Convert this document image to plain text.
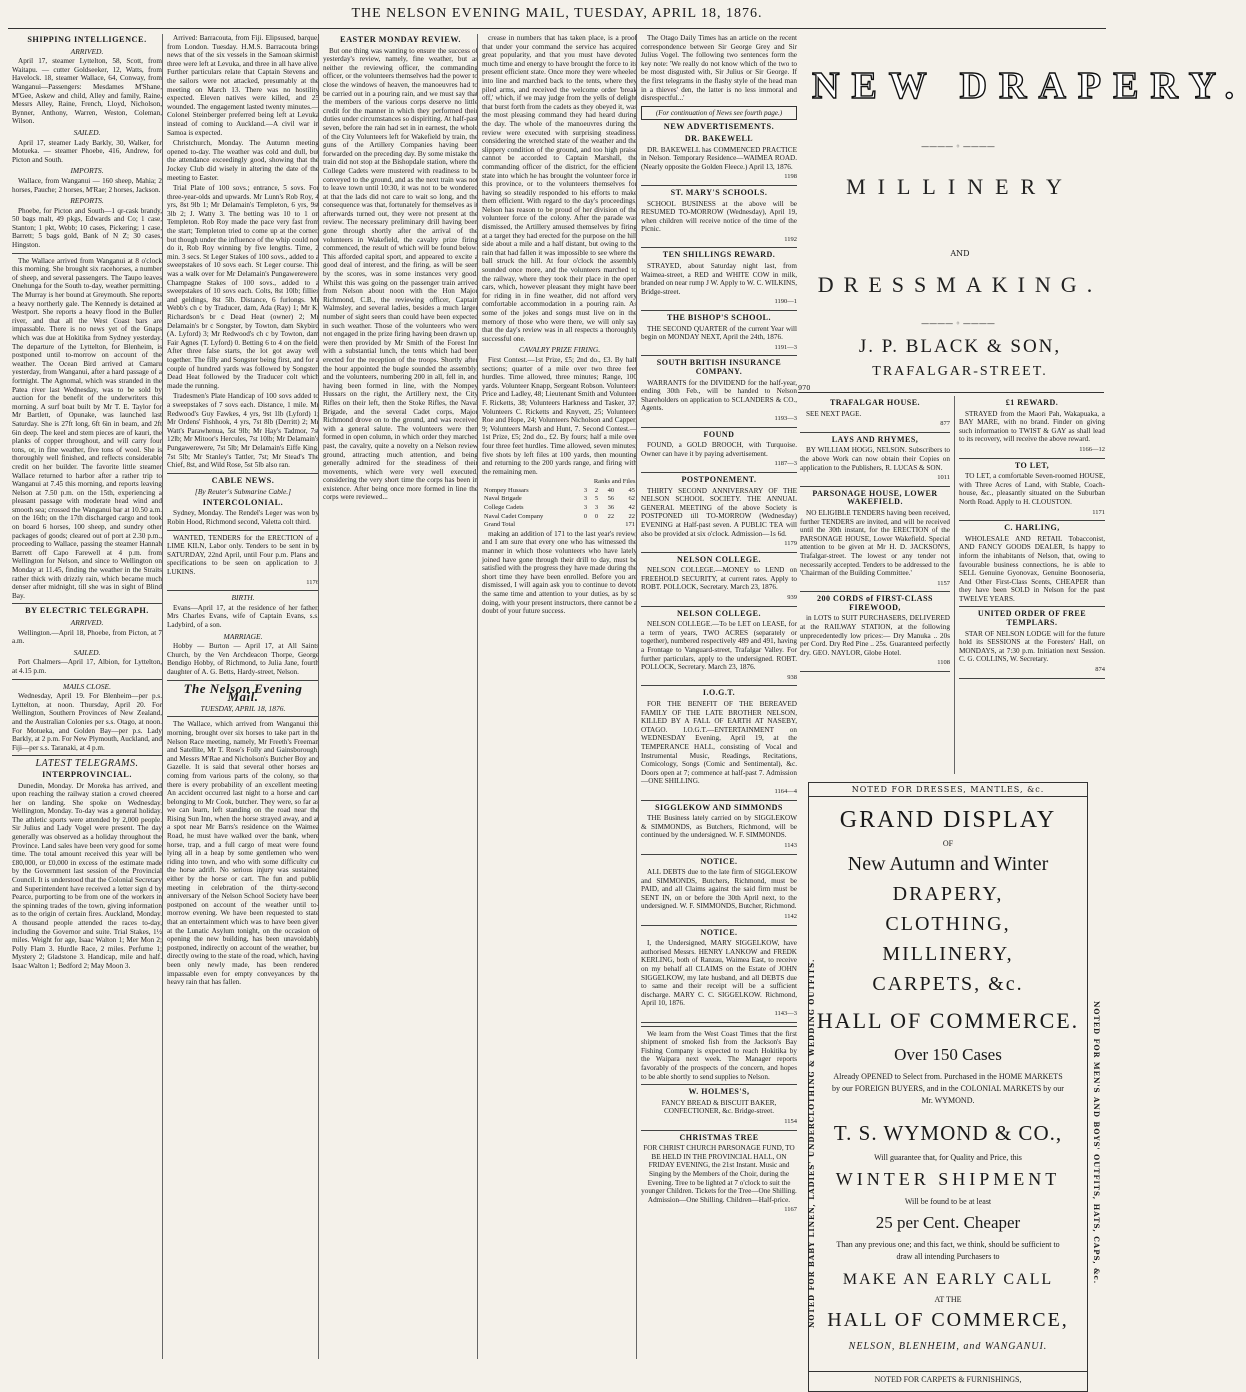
THE NELSON EVENING MAIL, TUESDAY, APRIL 18, 1876.
SHIPPING INTELLIGENCE.
ARRIVED.

April 17, steamer Lyttelton, 58, Scott, from Waitapu. — cutter Goldseeker, 12, Watts, from Havelock. 18, steamer Wallace, 64, Conway, from Wanganui—Passengers: Mesdames M'Shane, M'Gee, Askew and child, Alley and family, Raine, Messrs Alley, Raine, French, Lloyd, Nicholson, Bynner, Anthony, Warren, Weston, Coleman, Wilson.

SAILED.

April 17, steamer Lady Barkly, 30, Walker, for Motueka. — steamer Phoebe, 416, Andrew, for Picton and South.

IMPORTS.

Wallace, from Wanganui — 160 sheep, Mahia; 2 horses, Pauche; 2 horses, M'Rae; 2 horses, Jackson.

REPORTS.

Phoebe, for Picton and South—1 qr-cask brandy, 50 bags malt, 49 pkgs, Edwards and Co; 1 case, Stanton; 1 pkt, Webb; 10 cases, Pickering; 1 case, Barrett; 5 bags gold, Bank of N Z; 30 cases, Hingston.

The Wallace arrived from Wanganui at 8 o'clock this morning. She brought six racehorses, a number of sheep, and several passengers. The Taupo leaves Onehunga for the South to-day, weather permitting. The Murray is her bound at Greymouth. She reports a heavy northerly gale. The Kennedy is detained at Westport. She reports a heavy flood in the Buller river, and that all the West Coast bars are impassable. There is no news yet of the Gnaps which was due at Hokitika from Sydney yesterday. The departure of the Lyttelton, for Blenheim, is postponed until to-morrow on account of the weather. The Ocean Bird arrived at Camaru yesterday, from Wanganui, after a hard passage of a fortnight. The Agnomal, which was stranded in the Patea river last Wednesday, was to be sold by auction for the benefit of the underwriters this morning. A surf boat built by Mr T. E. Taylor for Mr Bartlett, of Opunake, was launched last Saturday. She is 27ft long, 6ft 6in in beam, and 2ft 6in deep. The keel and stem pieces are of kauri, the planks of copper throughout, and will carry four tons, or, in fine weather, five tons of wool. She is thoroughly well finished, and reflects considerable credit on her builder. The favorite little steamer Wallace returned to harbor after a rather trip to Wanganui at 7.45 this morning, and reports leaving Nelson at 7.50 p.m. on the 15th, experiencing a pleasant passage with moderate head wind and smooth sea; crossed the Wanganui bar at 10.50 a.m. on the 16th; on the 17th discharged cargo and took on board 6 horses, 100 sheep, and sundry other packages of goods; cleared out of port at 2.30 p.m., proceeding to Wallace, passing the steamer Hannah Barrett off Capo Farewell at 4 p.m. from Wellington for Nelson, and since to Wellington on Monday at 11.45, finding the weather in the Straits rather thick with drizzly rain, which became much denser after midnight, till she was in sight of Blind Bay.

BY ELECTRIC TELEGRAPH.
ARRIVED.

Wellington.—April 18, Phoebe, from Picton, at 7 a.m.

SAILED.

Port Chalmers—April 17, Albion, for Lyttelton, at 4.15 p.m.

MAILS CLOSE.

Wednesday, April 19. For Blenheim—per p.s. Lyttelton, at noon. Thursday, April 20. For Wellington, Southern Provinces of New Zealand, and the Australian Colonies per s.s. Otago, at noon. For Motueka, and Golden Bay—per p.s. Lady Barkly, at 2 p.m. For New Plymouth, Auckland, and Fiji—per s.s. Taranaki, at 4 p.m.

LATEST TELEGRAMS.
INTERPROVINCIAL.

Dunedin, Monday. Dr Moreka has arrived, and upon reaching the railway station a crowd cheered her on landing. She spoke on Wednesday. Wellington, Monday. To-day was a general holiday. The athletic sports were attended by 2,000 people. Sir Julius and Lady Vogel were present. The day generally was observed as a holiday throughout the Province. Land sales have been very good for some time. The total amount received this year will be £80,000, or £0,000 in excess of the estimate made by the Government last session of the Provincial Council. It is understood that the Colonial Secretary and Superintendent have received a letter sign d by Pearce, purporting to be from one of the workers in the spinning trades of the town, giving information as to the origin of certain fires. Auckland, Monday. A thousand people attended the races to-day, including the Governor and suite. Trial Stakes, 1½ miles. Weight for age, Isaac Walton 1; Mer Mon 2; Polly Flam 3. Hurdle Race, 2 miles. Perfume 1; Mystery 2; Gladstone 3. Handicap, mile and half. Isaac Walton 1; Bedford 2; May Moon 3.

Arrived: Barracouta, from Fiji. Elipsused, barque, from London. Tuesday. H.M.S. Barracouta brings news that of the six vessels in the Samoan skirmish three were left at Levuka, and three in all have alive. Further particulars relate that Captain Stevens and the sailors were not attacked, presumably at the meeting on March 13. There was no hostility expected. Eleven natives were killed, and 25 wounded. The engagement lasted twenty minutes.—Colonel Steinberger preferred being left at Levuka instead of coming to Auckland.—A civil war in Samoa is expected.

Christchurch, Monday. The Autumn meeting opened to-day. The weather was cold and dull, but the attendance exceedingly good, showing that the Jockey Club did wisely in altering the date of the meeting to Easter.

Trial Plate of 100 sovs.; entrance, 5 sovs. For three-year-olds and upwards. Mr Lunn's Rob Roy, 4 yrs, 8st 9lb 1; Mr Delamain's Templeton, 6 yrs, 9st 3lb 2; J. Watty 3. The betting was 10 to 1 on Templeton. Rob Roy made the pace very fast from the start; Templeton tried to come up at the corner, but though under the influence of the whip could not do it, Rob Roy winning by five lengths. Time, 2 min. 3 secs. St Leger Stakes of 100 sovs., added to a sweepstakes of 10 sovs each. St Leger course. This was a walk over for Mr Delamain's Pungawerewere. Champagne Stakes of 100 sovs., added to a sweepstakes of 10 sovs each. Colts, 8st 10lb; fillies and geldings, 8st 5lb. Distance, 6 furlongs. Mr Webb's ch c by Traducer, dam, Ada (Ray) 1; Mr K. Richardson's br c Dead Heat (owner) 2; Mr Delamain's br c Songster, by Towton, dam Skybird (A. Lyford) 3; Mr Redwood's ch c by Towton, dam Fair Agnes (T. Lyford) 0. Betting 6 to 4 on the field. After three false starts, the lot got away well together. The filly and Songster being first, and for a couple of hundred yards was followed by Songster. Dead Heat followed by the Traducer colt which made the running.

Tradesmen's Plate Handicap of 100 sovs added to a sweepstakes of 7 sovs each. Distance, 1 mile. Mr Redwood's Guy Fawkes, 4 yrs, 9st 1lb (Lyford) 1; Mr Ordens' Fishhook, 4 yrs, 7st 8lb (Derritt) 2; Mr Watt's Parawhenua, 5st 9lb; Mr Hay's Tadmor, 7st 12lb; Mr Mitoor's Hercules, 7st 10lb; Mr Delamain's Pungawerewere, 7st 5lb; Mr Delamain's Eiffe King, 7st 5lb; Mr Stanley's Tattler, 7st; Mr Stead's The Chief, 8st, and Wild Rose, 5st 5lb also ran.

CABLE NEWS.
[By Reuter's Submarine Cable.]
INTERCOLONIAL.

Sydney, Monday. The Rendel's Leger was won by Robin Hood, Richmond second, Valetta colt third.

WANTED, TENDERS for the ERECTION of a LIME KILN, Labor only. Tenders to be sent in by SATURDAY, 22nd April, until Four p.m. Plans and specifications to be seen on application to J. LUKINS.

1176
BIRTH.

Evans—April 17, at the residence of her father, Mrs Charles Evans, wife of Captain Evans, s.s. Ladybird, of a son.

MARRIAGE.

Hobby — Burton — April 17, at All Saints Church, by the Ven Archdeacon Thorpe, George Bendigo Hobby, of Richmond, to Julia Jane, fourth daughter of A. G. Betts, Hardy-street, Nelson.

The Nelson Evening Mail.
TUESDAY, APRIL 18, 1876.

The Wallace, which arrived from Wanganui this morning, brought over six horses to take part in the Nelson Race meeting, namely, Mr Freeth's Freeman and Satellite, Mr T. Rose's Folly and Gainsborough, and Messrs M'Rae and Nicholson's Butcher Boy and Gazelle. It is said that several other horses are coming from various parts of the colony, so that there is every probability of an excellent meeting. An accident occurred last night to a horse and cart belonging to Mr Cook, butcher. They were, so far as we can learn, left standing on the road near the Rising Sun Inn, when the horse strayed away, and at a spot near Mr Barrs's residence on the Waimea Road, he must have walked over the bank, where horse, trap, and a full cargo of meat were found lying all in a heap by some gentlemen who were riding into town, and who with some difficulty cut the horse adrift. No serious injury was sustained either by the horse or cart. The fun and public meeting in celebration of the thirty-second anniversary of the Nelson School Society have been postponed on account of the weather until to-morrow evening. We have been requested to state that an entertainment which was to have been given at the Lunatic Asylum tonight, on the occasion of opening the new building, has been unavoidably postponed, indirectly on account of the weather, but directly owing to the state of the road, which, having been only newly made, has been rendered impassable even for empty conveyances by the heavy rain that has fallen.

EASTER MONDAY REVIEW.

But one thing was wanting to ensure the success of yesterday's review, namely, fine weather, but as neither the reviewing officer, the commanding officer, or the volunteers themselves had the power to close the windows of heaven, the manoeuvres had to be carried out in a pouring rain, and we must say that the members of the various corps deserve no little credit for the manner in which they performed their duties under circumstances so dispiriting. At half-past seven, before the rain had set in in earnest, the whole of the City Volunteers left for Wakefield by train, the guns of the Artillery Companies having been forwarded on the preceding day. By some mistake the train did not stop at the Bishopdale station, where the College Cadets were mustered with readiness to be conveyed to the ground, and as the next train was not to leave town until 10:30, it was not to be wondered at that the lads did not care to wait so long, and the consequence was that, fortunately for themselves as it afterwards turned out, they were not present at the review. The necessary preliminary drill having been gone through shortly after the arrival of the volunteers in Wakefield, the cavalry prize firing commenced, the result of which will be found below. This afforded capital sport, and appeared to excite a good deal of interest, and the firing, as will be seen by the scores, was in some instances very good. Whilst this was going on the passenger train arrived from Nelson about noon with the Hon Major Richmond, C.B., the reviewing officer, Captain Walmsley, and several ladies, besides a much larger number of sight seers than could have been expected in such weather. Those of the volunteers who were not engaged in the prize firing having been drawn up, were then provided by Mr Smith of the Forest Inn with a substantial lunch, the tents which had been erected for the reception of the troops. Shortly after the hour appointed the bugle sounded the assembly, and the volunteers, numbering 200 in all, fell in, and having been formed in line, with the Nompey Hussars on the right, the Artillery next, the City Rifles on their left, then the Stoke Rifles, the Naval Brigade, and the several Cadet corps, Major Richmond drove on to the ground, and was received with a general salute. The volunteers were then formed in open column, in which order they marched past, the cavalry, quite a novelty on a Nelson review ground, attracting much attention, and being generally admired for the steadiness of their movements, which were very well executed, considering the very short time the corps has been in existence. After being once more formed in line the corps were reviewed...

crease in numbers that has taken place, is a proof that under your command the service has acquired great popularity, and that you must have devoted much time and energy to have brought the force to its present efficient state. Once more they were wheeled into line and marched back to the tents, where they piled arms, and received the welcome order 'break off,' which, if we may judge from the yells of delight that burst forth from the cadets as they obeyed it, was the most pleasing command they had heard during the day. The whole of the manoeuvres during the review were executed with surprising steadiness, considering the wretched state of the weather and the slippery condition of the ground, and too high praise cannot be accorded to Captain Marshall, the commanding officer of the district, for the efficient state into which he has brought the volunteer force in this province, or to the volunteers themselves for having so steadily responded to his efforts to make them efficient. With regard to the day's proceedings, Nelson has reason to be proud of her division of the volunteer force of the colony. After the parade was dismissed, the Artillery amused themselves by firing at a target they had erected for the purpose on the hill side about a mile and a half distant, but owing to the rain that had fallen it was impossible to see where the ball struck the hill. At four o'clock the assembly sounded once more, and the volunteers marched to the railway, where they took their place in the open cars, which, however pleasant they might have been for riding in in fine weather, did not afford very comfortable accommodation in a pouring rain. As some of the jokes and songs must live on in the memory of those who were there, we will only say that the day's review was in all respects a thoroughly successful one.

CAVALRY PRIZE FIRING.

First Contest.—1st Prize, £5; 2nd do., £3. By half sections; quarter of a mile over two three feet hurdles. Time allowed, three minutes; Range, 100 yards. Volunteer Knapp, Sergeant Robson. Volunteers Price and Ladley, 48; Lieutenant Smith and Volunteer F. Ricketts, 38; Volunteers Harkness and Tasker, 37; Volunteers C. Ricketts and Knyvett, 25; Volunteers Roe and Hope, 24; Volunteers Nicholson and Capper, 9; Volunteers Marsh and Hunt, 7. Second Contest.—1st Prize, £5; 2nd do., £2. By fours; half a mile over four three feet hurdles. Time allowed, seven minutes; five shots by left files at 100 yards, then mounting and returning to the 200 yards range, and firing with the remaining men.

Ranks and Files.
Nompey Hussars	3	2	40	45
Naval Brigade	3	5	56	62
College Cadets	3	3	36	42
Naval Cadet Company	0	0	22	22
Grand Total				171

making an addition of 171 to the last year's review, and I am sure that every one who has witnessed the manner in which those volunteers who have lately joined have gone through their drill to day, must be satisfied with the progress they have made during the short time they have been enrolled. Before you are dismissed, I will again ask you to continue to devote the same time and attention to your duties, as by so doing, with your present instructors, there cannot be a doubt of your future success.

The Otago Daily Times has an article on the recent correspondence between Sir George Grey and Sir Julius Vogel. The following two sentences form the key note: 'We really do not know which of the two to be most disgusted with, Sir Julius or Sir George. If the first telegrams in the flashy style of the head man in a thieves' den, the latter is no less immoral and disrespectful...'

(For continuation of News see fourth page.)
NEW ADVERTISEMENTS.
DR. BAKEWELL

DR. BAKEWELL has COMMENCED PRACTICE in Nelson. Temporary Residence—WAIMEA ROAD. (Nearly opposite the Golden Fleece.) April 13, 1876.

1198
ST. MARY'S SCHOOLS.

SCHOOL BUSINESS at the above will be RESUMED TO-MORROW (Wednesday), April 19, when children will receive notice of the time of the Picnic.

1192
TEN SHILLINGS REWARD.

STRAYED, about Saturday night last, from Waimea-street, a RED and WHITE COW in milk, branded on near rump J W. Apply to W. C. WILKINS, Bridge-street.

1190—1
THE BISHOP'S SCHOOL.

THE SECOND QUARTER of the current Year will begin on MONDAY NEXT, April the 24th, 1876.

1191—3
SOUTH BRITISH INSURANCE COMPANY.

WARRANTS for the DIVIDEND for the half-year, ending 30th Feb., will be handed to Nelson Shareholders on application to SCLANDERS & CO., Agents.

1193—3
FOUND

FOUND, a GOLD BROOCH, with Turquoise. Owner can have it by paying advertisement.

1187—3
POSTPONEMENT.

THIRTY SECOND ANNIVERSARY OF THE NELSON SCHOOL SOCIETY. THE ANNUAL GENERAL MEETING of the above Society is POSTPONED till TO-MORROW (Wednesday) EVENING at Half-past seven. A PUBLIC TEA will also be provided at six o'clock. Admission—1s 6d.

1179
NELSON COLLEGE.

NELSON COLLEGE.—MONEY to LEND on FREEHOLD SECURITY, at current rates. Apply to ROBT. POLLOCK, Secretary. March 23, 1876.

939
NELSON COLLEGE.

NELSON COLLEGE.—To be LET on LEASE, for a term of years, TWO ACRES (separately or together), numbered respectively 489 and 491, having a Frontage to Vanguard-street, Trafalgar Valley. For further particulars, apply to the undersigned. ROBT. POLLOCK, Secretary. March 23, 1876.

938
I.O.G.T.

FOR THE BENEFIT OF THE BEREAVED FAMILY OF THE LATE BROTHER NELSON, KILLED BY A FALL OF EARTH AT NASEBY, OTAGO. I.O.G.T.—ENTERTAINMENT on WEDNESDAY Evening, April 19, at the TEMPERANCE HALL, consisting of Vocal and Instrumental Music, Readings, Recitations, Comicology, Songs (Comic and Sentimental), &c. Doors open at 7; commence at half-past 7. Admission—ONE SHILLING.

1164—4
SIGGLEKOW AND SIMMONDS

THE Business lately carried on by SIGGLEKOW & SIMMONDS, as Butchers, Richmond, will be continued by the undersigned. W. F. SIMMONDS.

1143
NOTICE.

ALL DEBTS due to the late firm of SIGGLEKOW and SIMMONDS, Butchers, Richmond, must be PAID, and all Claims against the said firm must be SENT IN, on or before the 30th April next, to the undersigned. W. F. SIMMONDS, Butcher, Richmond.

1142
NOTICE.

I, the Undersigned, MARY SIGGELKOW, have authorised Messrs. HENRY LANKOW and FREDK KERLING, both of Ranzau, Waimea East, to receive on my behalf all CLAIMS on the Estate of JOHN SIGGELKOW, my late husband, and all DEBTS due to same and their receipt will be a sufficient discharge. MARY C. C. SIGGELKOW. Richmond, April 10, 1876.

1143—3

We learn from the West Coast Times that the first shipment of smoked fish from the Jackson's Bay Fishing Company is expected to reach Hokitika by the Waipara next week. The Manager reports favorably of the prospects of the concern, and hopes to be able shortly to send supplies to Nelson.

W. HOLMES'S,

FANCY BREAD & BISCUIT BAKER, CONFECTIONER, &c. Bridge-street.

1154
CHRISTMAS TREE

FOR CHRIST CHURCH PARSONAGE FUND, TO BE HELD IN THE PROVINCIAL HALL, ON FRIDAY EVENING, the 21st Instant. Music and Singing by the Members of the Choir, during the Evening. Tree to be lighted at 7 o'clock to suit the younger Children. Tickets for the Tree—One Shilling. Admission—One Shilling. Children—Half-price.

1167
NEW DRAPERY.
———— ◦ ————
MILLINERY
AND
DRESSMAKING.
———— ◦ ————
J. P. BLACK & SON,
TRAFALGAR-STREET.
970
TRAFALGAR HOUSE.

SEE NEXT PAGE.

877
LAYS AND RHYMES,

BY WILLIAM HOGG, NELSON. Subscribers to the above Work can now obtain their Copies on application to the Publishers, R. LUCAS & SON.

1011
PARSONAGE HOUSE, LOWER WAKEFIELD.

NO ELIGIBLE TENDERS having been received, further TENDERS are invited, and will be received until the 30th instant, for the ERECTION of the PARSONAGE HOUSE, Lower Wakefield. Special attention to be given at Mr H. D. JACKSON'S, Trafalgar-street. The lowest or any tender not necessarily accepted. Tenders to be addressed to the 'Chairman of the Building Committee.'

1157
200 CORDS of FIRST-CLASS FIREWOOD,

in LOTS to SUIT PURCHASERS, DELIVERED at the RAILWAY STATION, at the following unprecedentedly low prices:— Dry Manuka .. 20s per Cord. Dry Red Pine .. 25s. Guaranteed perfectly dry. GEO. NAYLOR, Globe Hotel.

1108
£1 REWARD.

STRAYED from the Maori Pah, Wakapuaka, a BAY MARE, with no brand. Finder on giving such information to TWIST & GAY as shall lead to its recovery, will receive the above reward.

1166—12
TO LET,

TO LET, a comfortable Seven-roomed HOUSE, with Three Acres of Land, with Stable, Coach-house, &c., pleasantly situated on the Suburban North Road. Apply to H. CLOUSTON.

1171
C. HARLING,

WHOLESALE AND RETAIL Tobacconist, AND FANCY GOODS DEALER, Is happy to inform the inhabitants of Nelson, that, owing to favourable business connections, he is able to SELL Genuine Gyonovax, Genuine Boonoseria, And Other First-Class Scents, CHEAPER than they have been SOLD in Nelson for the past TWELVE YEARS.

UNITED ORDER OF FREE TEMPLARS.

STAR OF NELSON LODGE will for the future hold its SESSIONS at the Foresters' Hall, on MONDAYS, at 7:30 p.m. Initiation next Session. C. G. COLLINS, W. Secretary.

874
NOTED FOR DRESSES, MANTLES, &c.
GRAND DISPLAY
OF
New Autumn and Winter
DRAPERY,
CLOTHING,
MILLINERY,
CARPETS, &c.
HALL OF COMMERCE.
Over 150 Cases
Already OPENED to Select from. Purchased in the HOME MARKETS by our FOREIGN BUYERS, and in the COLONIAL MARKETS by our Mr. WYMOND.
T. S. WYMOND & CO.,
Will guarantee that, for Quality and Price, this
WINTER SHIPMENT
Will be found to be at least
25 per Cent. Cheaper
Than any previous one; and this fact, we think, should be sufficient to draw all intending Purchasers to
MAKE AN EARLY CALL
AT THE
HALL OF COMMERCE,
NELSON, BLENHEIM, and WANGANUI.
NOTED FOR CARPETS & FURNISHINGS,
NOTED FOR BABY LINEN, LADIES' UNDERCLOTHING & WEDDING OUTFITS.	NOTED FOR MEN'S AND BOYS' OUTFITS, HATS, CAPS, &c.
